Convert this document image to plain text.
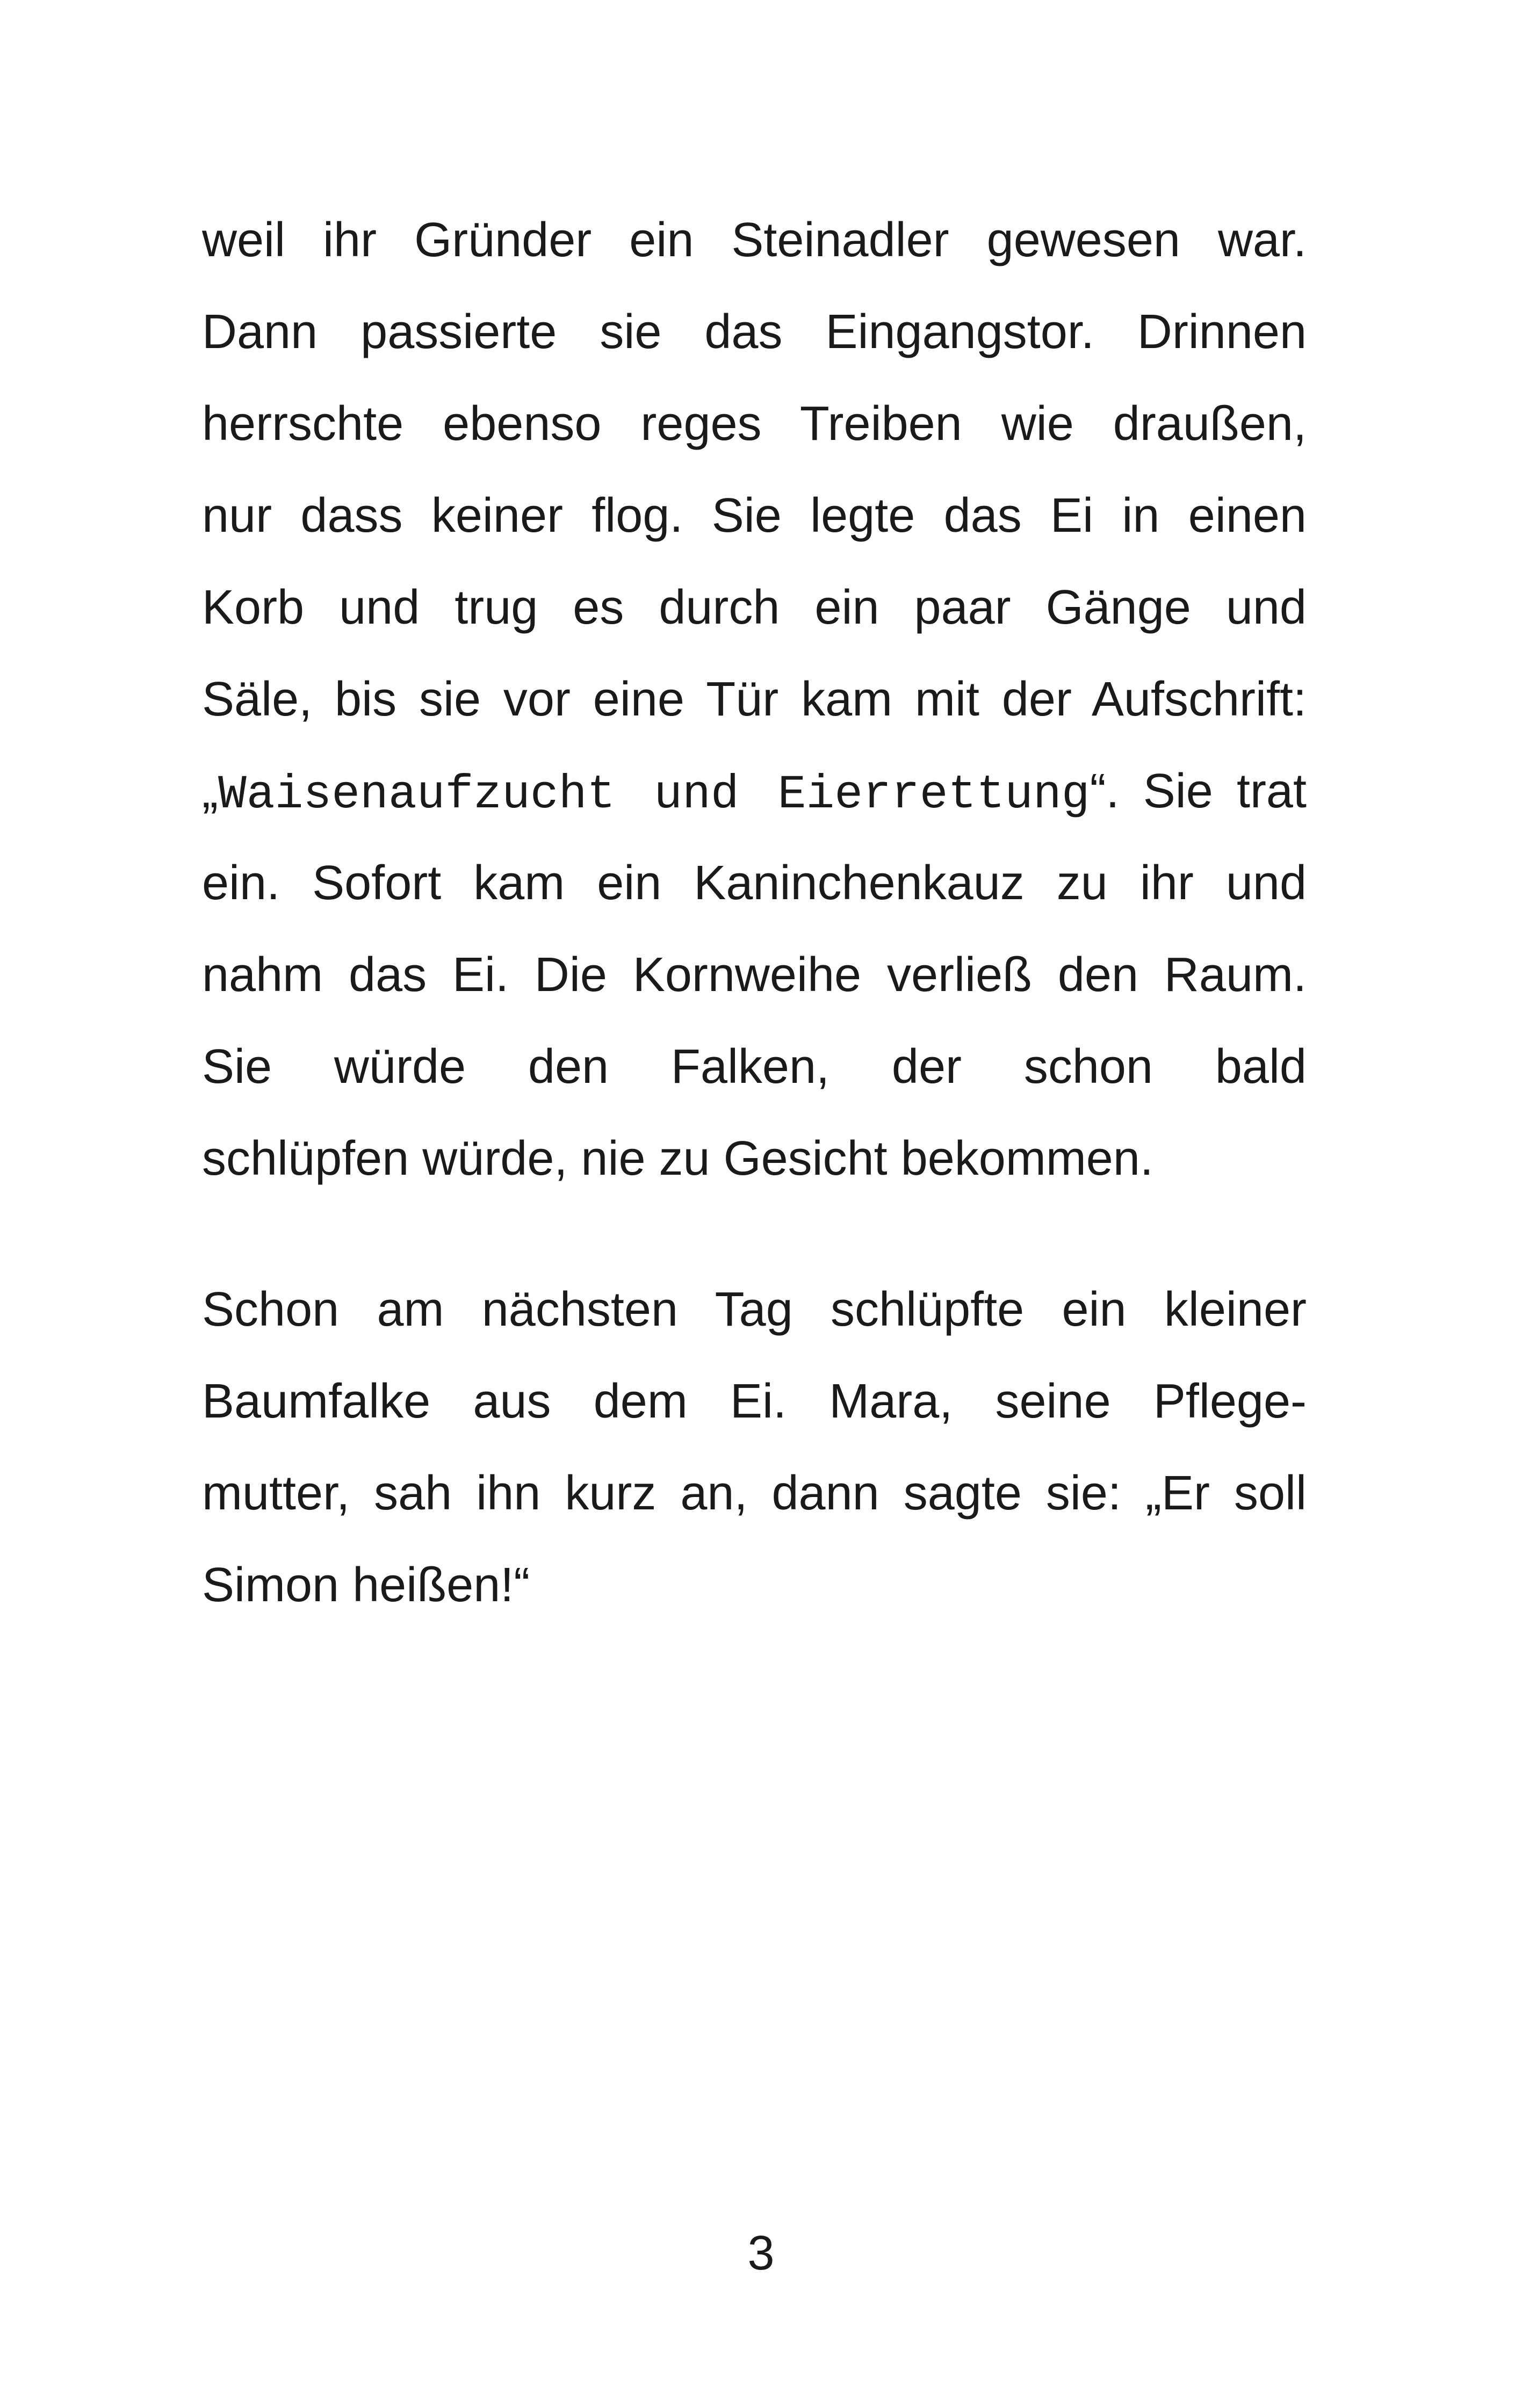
weil ihr Gründer ein Steinadler gewesen war.
Dann passierte sie das Eingangstor. Drinnen
herrschte ebenso reges Treiben wie draußen,
nur dass keiner flog. Sie legte das Ei in einen
Korb und trug es durch ein paar Gänge und
Säle, bis sie vor eine Tür kam mit der Aufschrift:
„Waisenaufzucht und Eierrettung“. Sie trat
ein. Sofort kam ein Kaninchenkauz zu ihr und
nahm das Ei. Die Kornweihe verließ den Raum.
Sie würde den Falken, der schon bald
schlüpfen würde, nie zu Gesicht bekommen.
Schon am nächsten Tag schlüpfte ein kleiner
Baumfalke aus dem Ei. Mara, seine Pflege-
mutter, sah ihn kurz an, dann sagte sie: „Er soll
Simon heißen!“
3
